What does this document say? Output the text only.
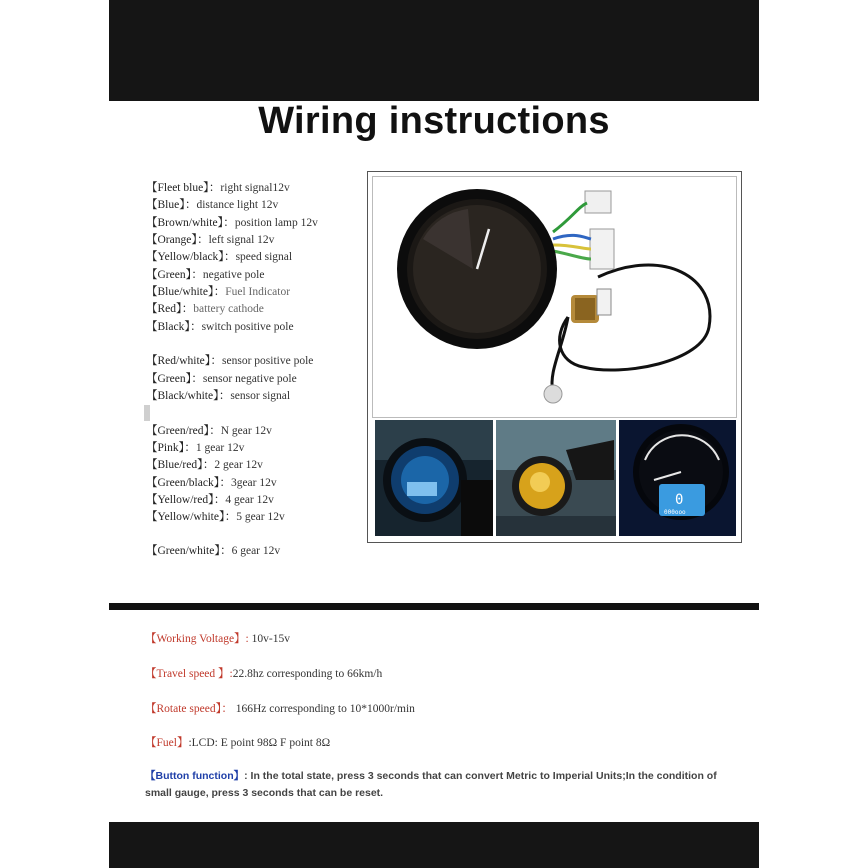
Wiring instructions
【Fleet blue】：right signal12v
【Blue】：distance light 12v
【Brown/white】：position lamp 12v
【Orange】：left signal 12v
【Yellow/black】：speed signal
【Green】：negative pole
【Blue/white】：Fuel Indicator
【Red】：battery cathode
【Black】：switch positive pole
【Red/white】：sensor positive pole
【Green】：sensor negative pole
【Black/white】：sensor signal
【Green/red】：N gear 12v
【Pink】：1 gear 12v
【Blue/red】：2 gear 12v
【Green/black】：3gear 12v
【Yellow/red】：4 gear 12v
【Yellow/white】：5 gear 12v
【Green/white】：6 gear 12v
0
000ooo
【Working Voltage】: 10v-15v
【Travel speed 】:22.8hz corresponding to 66km/h
【Rotate speed】： 166Hz corresponding to 10*1000r/min
【Fuel】:LCD: E point 98Ω F point 8Ω
【Button function】: In the total state, press 3 seconds that can convert Metric to Imperial Units;In the condition of small gauge, press 3 seconds that can be reset.
